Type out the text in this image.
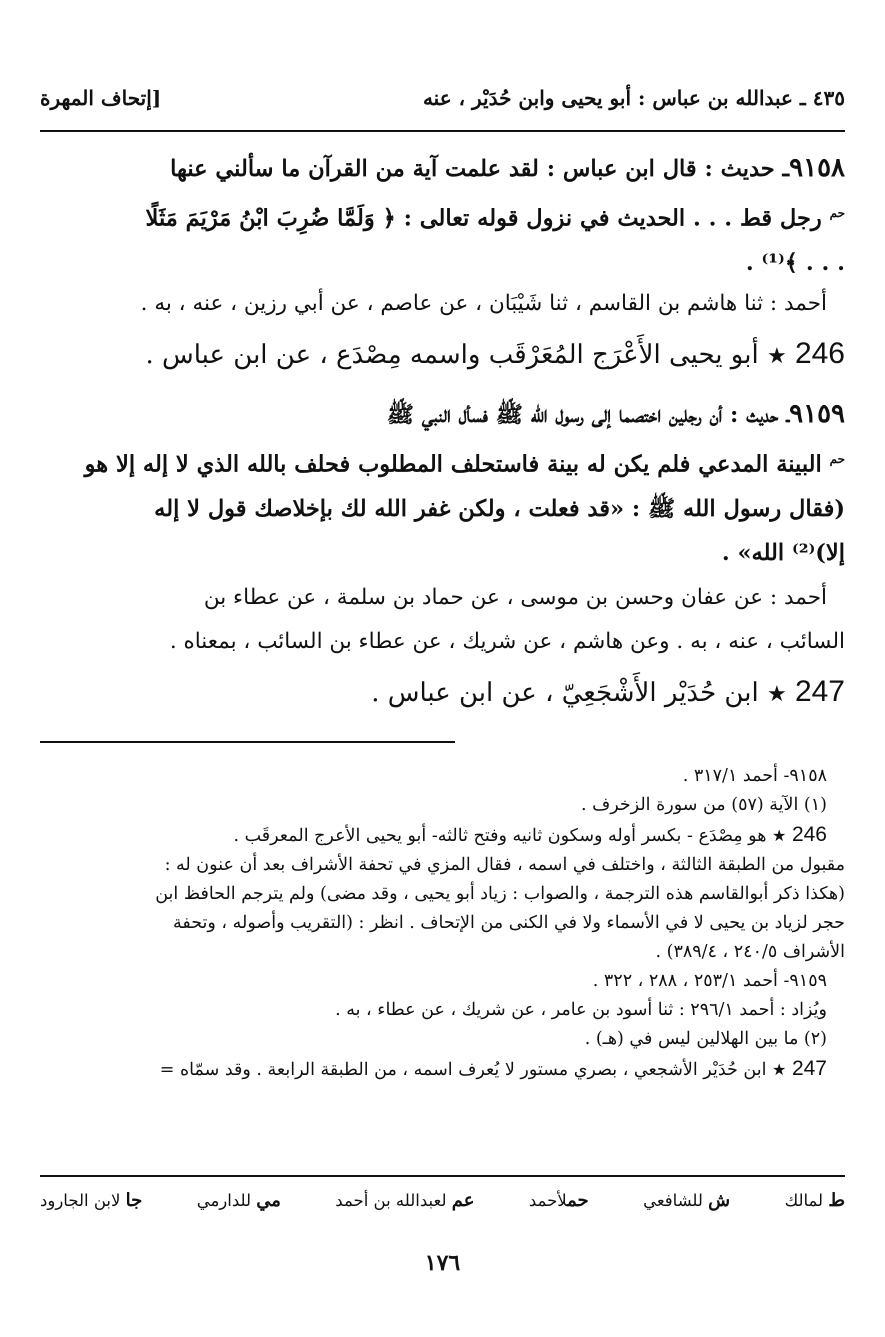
٤٣٥ ـ عبدالله بن عباس : أبو يحيى وابن حُدَيْر ، عنه
[إتحاف المهرة
٩١٥٨ـ حديث : قال ابن عباس : لقد علمت آية من القرآن ما سألني عنها
$^{حم}$ رجل قط . . . الحديث في نزول قوله تعالى : ﴿ وَلَمَّا ضُرِبَ ابْنُ مَرْيَمَ مَثَلًا
. . . ﴾⁽¹⁾ .
أحمد : ثنا هاشم بن القاسم ، ثنا شَيْبَان ، عن عاصم ، عن أبي رزين ، عنه ، به .
246 ★ أبو يحيى الأَعْرَج المُعَرْقَب واسمه مِصْدَع ، عن ابن عباس .
٩١٥٩ـ حديث : أن رجلين اختصما إلى رسول الله ﷺ فسأل النبي ﷺ
$^{حم}$ البينة المدعي فلم يكن له بينة فاستحلف المطلوب فحلف بالله الذي لا إله إلا هو
(فقال رسول الله ﷺ : «قد فعلت ، ولكن غفر الله لك بإخلاصك قول لا إله
إلا)⁽²⁾ الله» .
أحمد : عن عفان وحسن بن موسى ، عن حماد بن سلمة ، عن عطاء بن
السائب ، عنه ، به . وعن هاشم ، عن شريك ، عن عطاء بن السائب ، بمعناه .
247 ★ ابن حُدَيْر الأَشْجَعِيّ ، عن ابن عباس .
٩١٥٨- أحمد ٣١٧/١ .
(١) الآية (٥٧) من سورة الزخرف .
246 ★ هو مِصْدَع - بكسر أوله وسكون ثانيه وفتح ثالثه- أبو يحيى الأعرج المعرقَب .
مقبول من الطبقة الثالثة ، واختلف في اسمه ، فقال المزي في تحفة الأشراف بعد أن عنون له :
(هكذا ذكر أبوالقاسم هذه الترجمة ، والصواب : زياد أبو يحيى ، وقد مضى) ولم يترجم الحافظ ابن
حجر لزياد بن يحيى لا في الأسماء ولا في الكنى من الإتحاف . انظر : (التقريب وأصوله ، وتحفة
الأشراف ٢٤٠/٥ ، ٣٨٩/٤) .
٩١٥٩- أحمد ٢٥٣/١ ، ٢٨٨ ، ٣٢٢ .
ويُزاد : أحمد ٢٩٦/١ : ثنا أسود بن عامر ، عن شريك ، عن عطاء ، به .
(٢) ما بين الهلالين ليس في (هـ) .
247 ★ ابن حُدَيْر الأشجعي ، بصري مستور لا يُعرف اسمه ، من الطبقة الرابعة . وقد سمّاه =
ط لمالك
ش للشافعي
حملأحمد
عم لعبدالله بن أحمد
مي للدارمي
جا لابن الجارود
١٧٦
